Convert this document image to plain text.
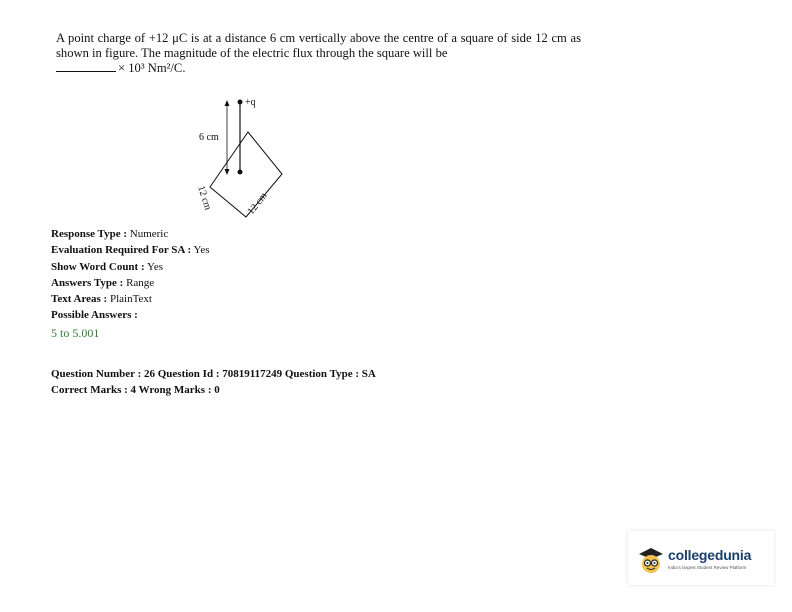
A point charge of +12 μC is at a distance 6 cm vertically above the centre of a square of side 12 cm as shown in figure. The magnitude of the electric flux through the square will be
× 10³ Nm²/C.
+q
6 cm
12 cm	12 cm
Response Type : Numeric
Evaluation Required For SA : Yes
Show Word Count : Yes
Answers Type : Range
Text Areas : PlainText
Possible Answers :
5 to 5.001
Question Number : 26 Question Id : 70819117249 Question Type : SA
Correct Marks : 4 Wrong Marks : 0
collegedunia
India's largest Student Review Platform
